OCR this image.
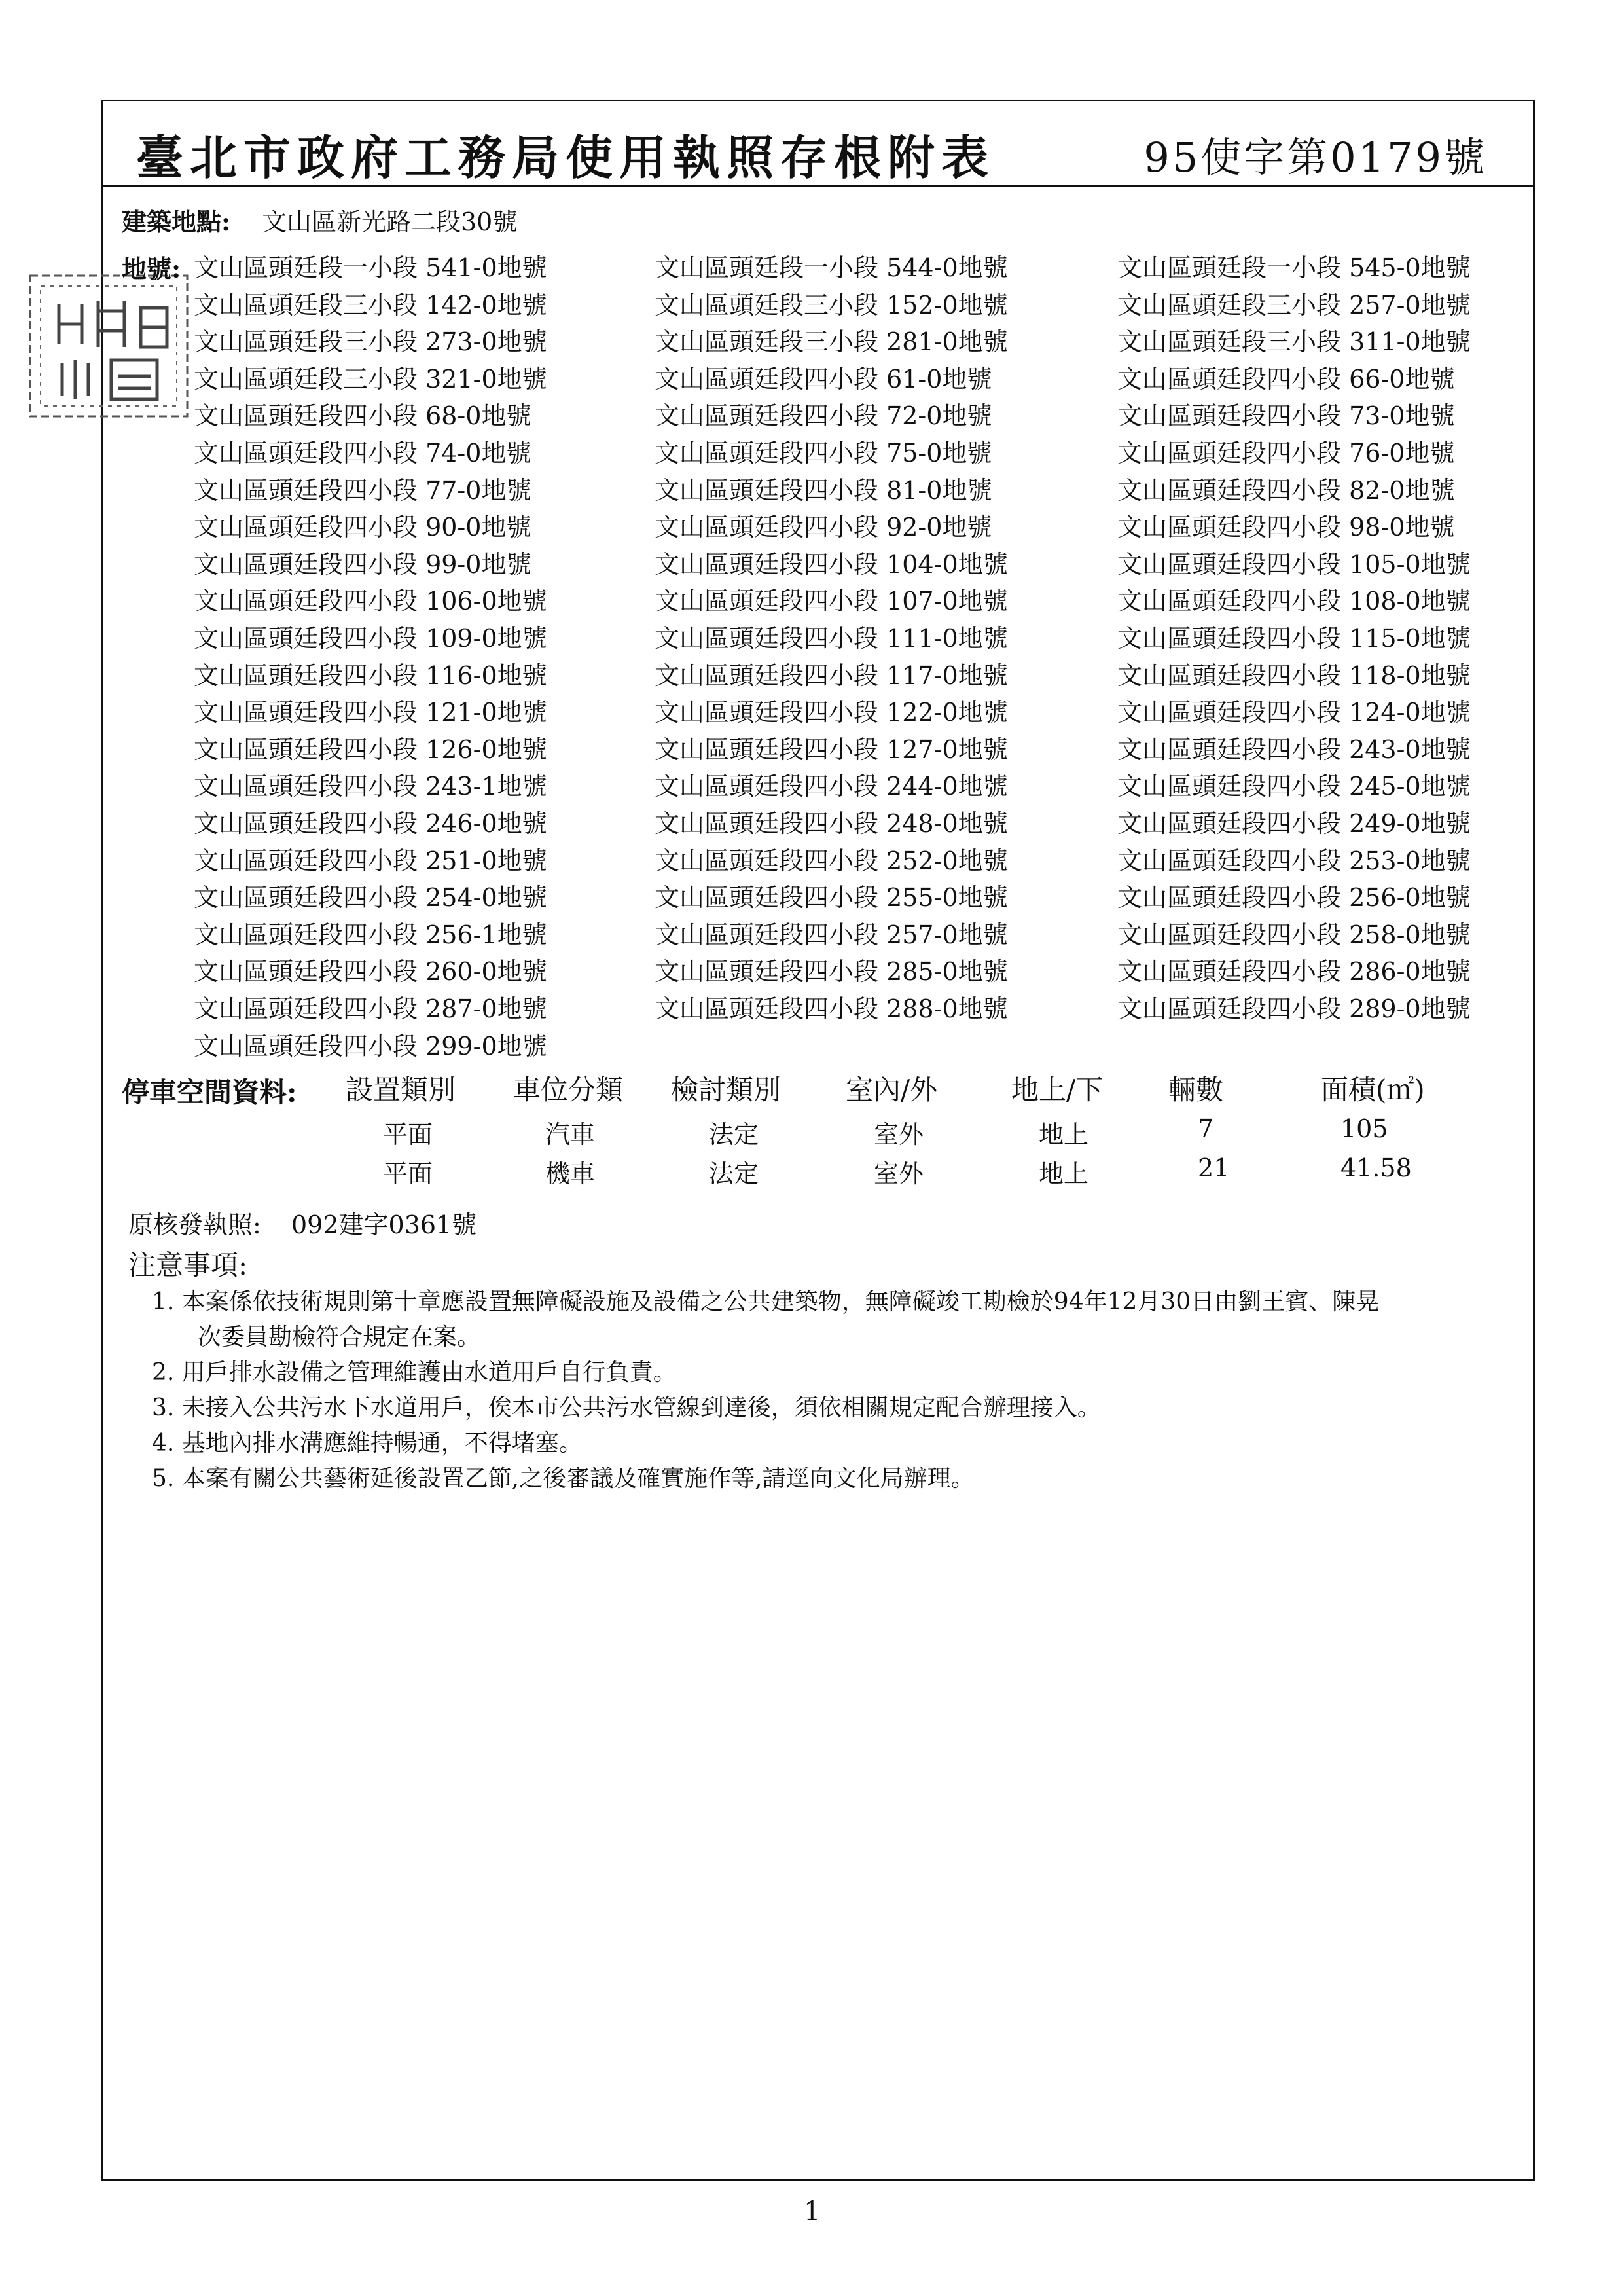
臺北市政府工務局使用執照存根附表	95使字第0179號
建築地點: 文山區新光路二段30號
地號: 文山區頭廷段一小段 541-0地號	文山區頭廷段一小段 544-0地號	文山區頭廷段一小段 545-0地號
文山區頭廷段三小段 142-0地號	文山區頭廷段三小段 152-0地號	文山區頭廷段三小段 257-0地號
文山區頭廷段三小段 273-0地號	文山區頭廷段三小段 281-0地號	文山區頭廷段三小段 311-0地號
文山區頭廷段三小段 321-0地號	文山區頭廷段四小段 61-0地號	文山區頭廷段四小段 66-0地號
文山區頭廷段四小段 68-0地號	文山區頭廷段四小段 72-0地號	文山區頭廷段四小段 73-0地號
文山區頭廷段四小段 74-0地號	文山區頭廷段四小段 75-0地號	文山區頭廷段四小段 76-0地號
文山區頭廷段四小段 77-0地號	文山區頭廷段四小段 81-0地號	文山區頭廷段四小段 82-0地號
文山區頭廷段四小段 90-0地號	文山區頭廷段四小段 92-0地號	文山區頭廷段四小段 98-0地號
文山區頭廷段四小段 99-0地號	文山區頭廷段四小段 104-0地號	文山區頭廷段四小段 105-0地號
文山區頭廷段四小段 106-0地號	文山區頭廷段四小段 107-0地號	文山區頭廷段四小段 108-0地號
文山區頭廷段四小段 109-0地號	文山區頭廷段四小段 111-0地號	文山區頭廷段四小段 115-0地號
文山區頭廷段四小段 116-0地號	文山區頭廷段四小段 117-0地號	文山區頭廷段四小段 118-0地號
文山區頭廷段四小段 121-0地號	文山區頭廷段四小段 122-0地號	文山區頭廷段四小段 124-0地號
文山區頭廷段四小段 126-0地號	文山區頭廷段四小段 127-0地號	文山區頭廷段四小段 243-0地號
文山區頭廷段四小段 243-1地號	文山區頭廷段四小段 244-0地號	文山區頭廷段四小段 245-0地號
文山區頭廷段四小段 246-0地號	文山區頭廷段四小段 248-0地號	文山區頭廷段四小段 249-0地號
文山區頭廷段四小段 251-0地號	文山區頭廷段四小段 252-0地號	文山區頭廷段四小段 253-0地號
文山區頭廷段四小段 254-0地號	文山區頭廷段四小段 255-0地號	文山區頭廷段四小段 256-0地號
文山區頭廷段四小段 256-1地號	文山區頭廷段四小段 257-0地號	文山區頭廷段四小段 258-0地號
文山區頭廷段四小段 260-0地號	文山區頭廷段四小段 285-0地號	文山區頭廷段四小段 286-0地號
文山區頭廷段四小段 287-0地號	文山區頭廷段四小段 288-0地號	文山區頭廷段四小段 289-0地號
文山區頭廷段四小段 299-0地號
停車空間資料: 設置類別 車位分類 檢討類別 室內/外	地上/下 輛數	面積(㎡)
平面	汽車	法定	室外	地上	7	105
平面	機車	法定	室外	地上	21	41.58
原核發執照: 092建字0361號
注意事項:
1. 本案係依技術規則第十章應設置無障礙設施及設備之公共建築物，無障礙竣工勘檢於94年12月30日由劉王賓、陳晃
次委員勘檢符合規定在案。
2. 用戶排水設備之管理維護由水道用戶自行負責。
3. 未接入公共污水下水道用戶，俟本市公共污水管線到達後，須依相關規定配合辦理接入。
4. 基地內排水溝應維持暢通，不得堵塞。
5. 本案有關公共藝術延後設置乙節,之後審議及確實施作等,請逕向文化局辦理。
1
